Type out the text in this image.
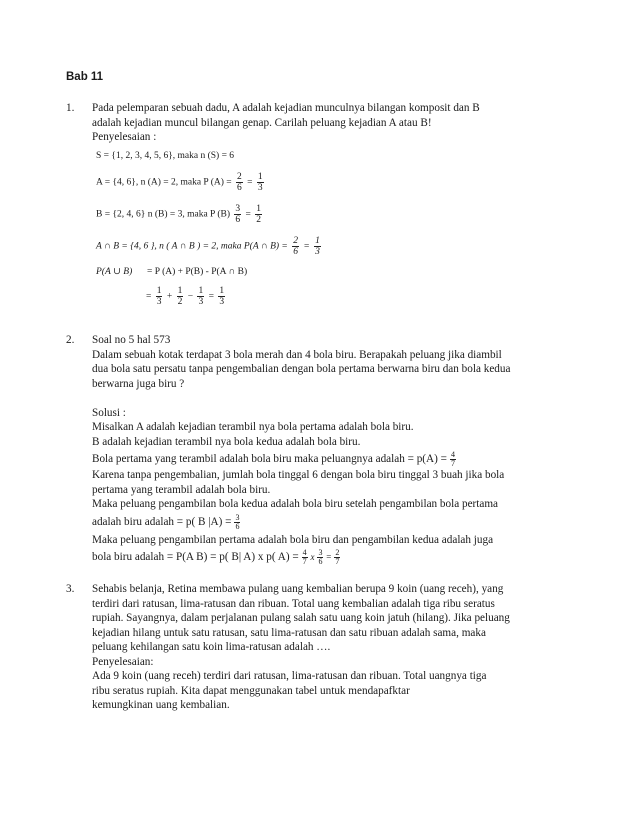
Bab 11
1. Pada pelemparan sebuah dadu, A adalah kejadian munculnya bilangan komposit dan B
adalah kejadian muncul bilangan genap. Carilah peluang kejadian A atau B!
Penyelesaian :
S = {1, 2, 3, 4, 5, 6}, maka n (S) = 6
A = {4, 6}, n (A) = 2, maka P $(A) = \frac{2}{6} = \frac{1}{3}$
B = {2, 4, 6} n (B) = 3, maka P $(B) \frac{3}{6} = \frac{1}{2}$
A ∩ B = {4, 6 }, n ( A ∩ B ) = 2, maka P(A ∩ $B) = \frac{2}{6} = \frac{1}{3}$
P(A ∪ B) = P (A) + P(B) - P(A ∩ B)
= $\frac{1}{3} + \frac{1}{2} - \frac{1}{3} = \frac{1}{3}$
2. Soal no 5 hal 573
Dalam sebuah kotak terdapat 3 bola merah dan 4 bola biru. Berapakah peluang jika diambil
dua bola satu persatu tanpa pengembalian dengan bola pertama berwarna biru dan bola kedua
berwarna juga biru ?
Solusi :
Misalkan A adalah kejadian terambil nya bola pertama adalah bola biru.
B adalah kejadian terambil nya bola kedua adalah bola biru.
Bola pertama yang terambil adalah bola biru maka peluangnya adalah = $p(A) = \frac{4}{7}$
Karena tanpa pengembalian, jumlah bola tinggal 6 dengan bola biru tinggal 3 buah jika bola
pertama yang terambil adalah bola biru.
Maka peluang pengambilan bola kedua adalah bola biru setelah pengambilan bola pertama
adalah biru adalah = p( B $|A) = \frac{3}{6}$
Maka peluang pengambilan pertama adalah bola biru dan pengambilan kedua adalah juga
bola biru adalah = P(A B) = p( B| A) x p( $A) = \frac{4}{7}$ x $\frac{3}{6} = \frac{2}{7}$
3. Sehabis belanja, Retina membawa pulang uang kembalian berupa 9 koin (uang receh), yang
terdiri dari ratusan, lima-ratusan dan ribuan. Total uang kembalian adalah tiga ribu seratus
rupiah. Sayangnya, dalam perjalanan pulang salah satu uang koin jatuh (hilang). Jika peluang
kejadian hilang untuk satu ratusan, satu lima-ratusan dan satu ribuan adalah sama, maka
peluang kehilangan satu koin lima-ratusan adalah ….
Penyelesaian:
Ada 9 koin (uang receh) terdiri dari ratusan, lima-ratusan dan ribuan. Total uangnya tiga
ribu seratus rupiah. Kita dapat menggunakan tabel untuk mendapafktar
kemungkinan uang kembalian.
